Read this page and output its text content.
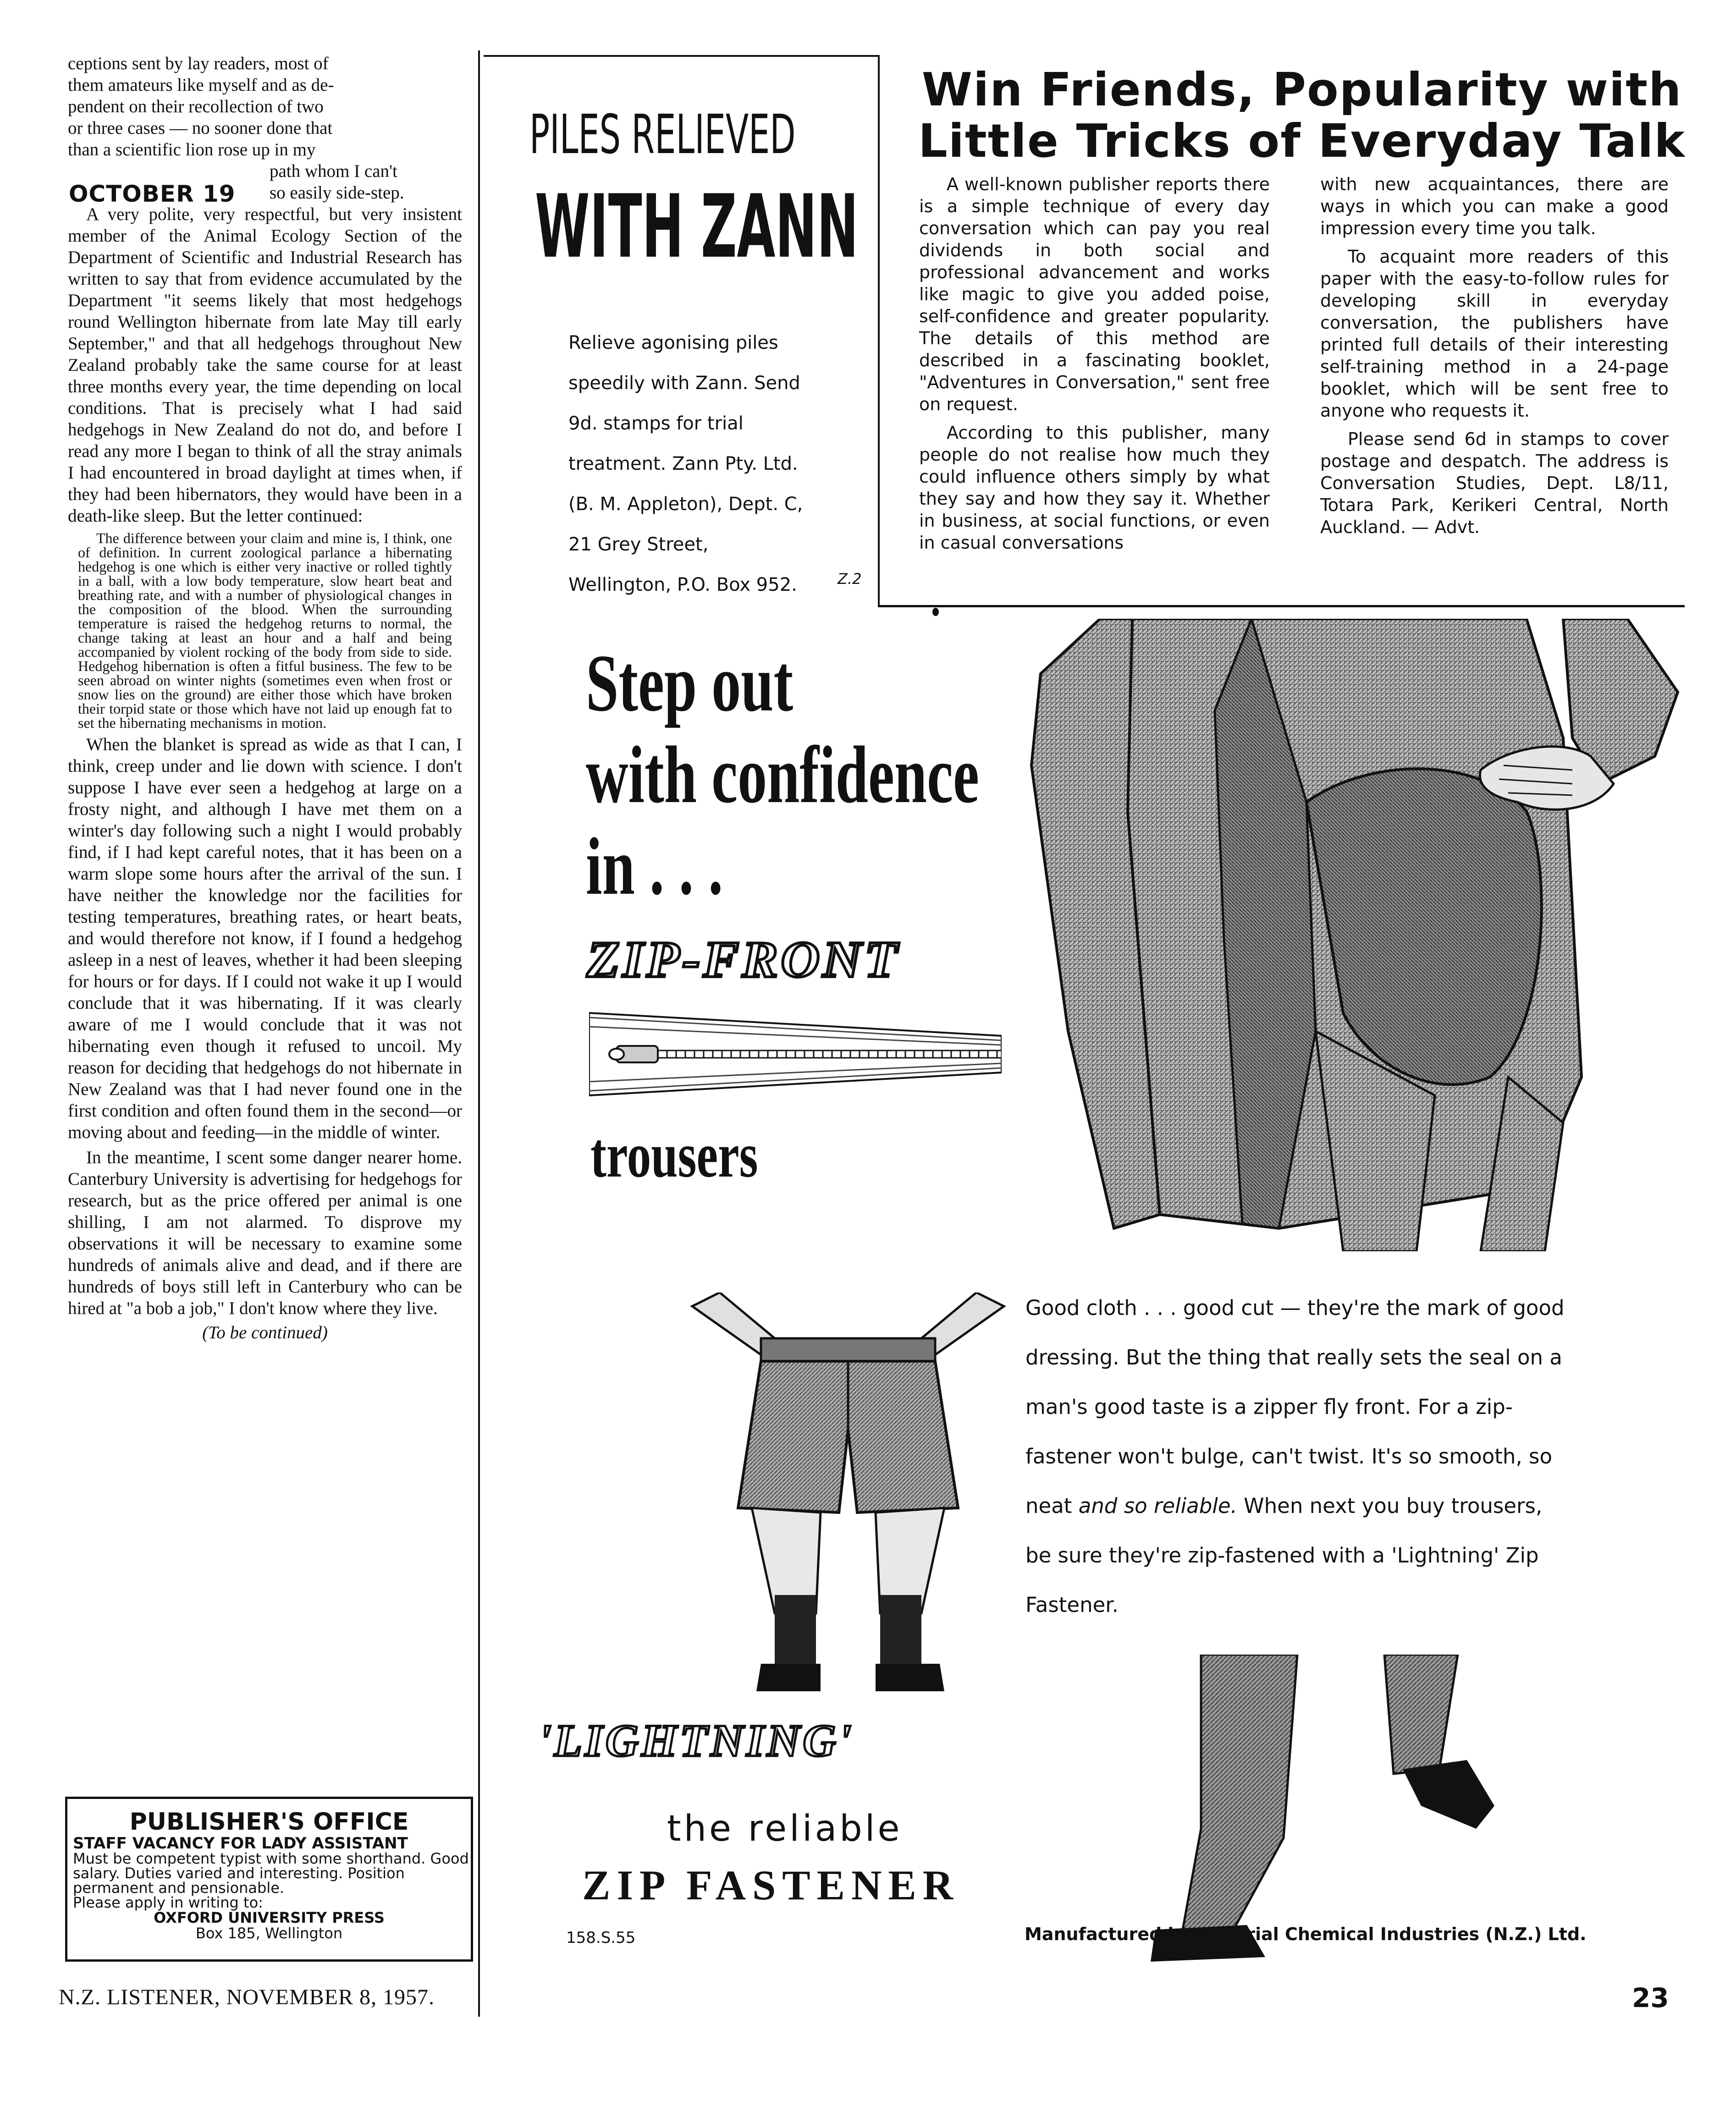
ceptions sent by lay readers, most of
them amateurs like myself and as de-
pendent on their recollection of two
or three cases — no sooner done that
than a scientific lion rose up in my
path whom I can't
so easily side-step.

A very polite, very respectful, but very insistent member of the Animal Ecology Section of the Department of Scientific and Industrial Research has written to say that from evidence accumulated by the Department "it seems likely that most hedgehogs round Wellington hibernate from late May till early September," and that all hedgehogs throughout New Zealand probably take the same course for at least three months every year, the time depending on local conditions. That is precisely what I had said hedgehogs in New Zealand do not do, and before I read any more I began to think of all the stray animals I had encountered in broad daylight at times when, if they had been hibernators, they would have been in a death-like sleep. But the letter continued:

The difference between your claim and mine is, I think, one of definition. In current zoological parlance a hibernating hedgehog is one which is either very inactive or rolled tightly in a ball, with a low body temperature, slow heart beat and breathing rate, and with a number of physiological changes in the composition of the blood. When the surrounding temperature is raised the hedgehog returns to normal, the change taking at least an hour and a half and being accompanied by violent rocking of the body from side to side. Hedgehog hibernation is often a fitful business. The few to be seen abroad on winter nights (sometimes even when frost or snow lies on the ground) are either those which have broken their torpid state or those which have not laid up enough fat to set the hibernating mechanisms in motion.

When the blanket is spread as wide as that I can, I think, creep under and lie down with science. I don't suppose I have ever seen a hedgehog at large on a frosty night, and although I have met them on a winter's day following such a night I would probably find, if I had kept careful notes, that it has been on a warm slope some hours after the arrival of the sun. I have neither the knowledge nor the facilities for testing temperatures, breathing rates, or heart beats, and would therefore not know, if I found a hedgehog asleep in a nest of leaves, whether it had been sleeping for hours or for days. If I could not wake it up I would conclude that it was hibernating. If it was clearly aware of me I would conclude that it was not hibernating even though it refused to uncoil. My reason for deciding that hedgehogs do not hibernate in New Zealand was that I had never found one in the first condition and often found them in the second—or moving about and feeding—in the middle of winter.

In the meantime, I scent some danger nearer home. Canterbury University is advertising for hedgehogs for research, but as the price offered per animal is one shilling, I am not alarmed. To disprove my observations it will be necessary to examine some hundreds of animals alive and dead, and if there are hundreds of boys still left in Canterbury who can be hired at "a bob a job," I don't know where they live.

(To be continued)

OCTOBER 19
PUBLISHER'S OFFICE
STAFF VACANCY FOR LADY ASSISTANT
Must be competent typist with some shorthand. Good salary. Duties varied and interesting. Position permanent and pensionable.
Please apply in writing to:
OXFORD UNIVERSITY PRESS
Box 185, Wellington
N.Z. LISTENER, NOVEMBER 8, 1957.	23
PILES RELIEVED
WITH ZANN
Relieve agonising piles speedily with Zann. Send 9d. stamps for trial treatment. Zann Pty. Ltd. (B. M. Appleton), Dept. C, 21 Grey Street, Wellington, P.O. Box 952.	Z.2
Win Friends, Popularity with Little Tricks of Everyday Talk

A well-known publisher reports there is a simple technique of every day conversation which can pay you real dividends in both social and professional advancement and works like magic to give you added poise, self-confidence and greater popularity. The details of this method are described in a fascinating booklet, "Adventures in Conversation," sent free on request.

According to this publisher, many people do not realise how much they could influence others simply by what they say and how they say it. Whether in business, at social functions, or even in casual conversations

with new acquaintances, there are ways in which you can make a good impression every time you talk.

To acquaint more readers of this paper with the easy-to-follow rules for developing skill in everyday conversation, the publishers have printed full details of their interesting self-training method in a 24-page booklet, which will be sent free to anyone who requests it.

Please send 6d in stamps to cover postage and despatch. The address is Conversation Studies, Dept. L8/11, Totara Park, Kerikeri Central, North Auckland. — Advt.

Step out
with confidence
in . . .
ZIP-FRONT
trousers
Good cloth . . . good cut — they're the mark of good dressing. But the thing that really sets the seal on a man's good taste is a zipper fly front. For a zip-fastener won't bulge, can't twist. It's so smooth, so neat and so reliable. When next you buy trousers, be sure they're zip-fastened with a 'Lightning' Zip Fastener.
'LIGHTNING'
the reliable
ZIP FASTENER
158.S.55	Manufactured by Imperial Chemical Industries (N.Z.) Ltd.
